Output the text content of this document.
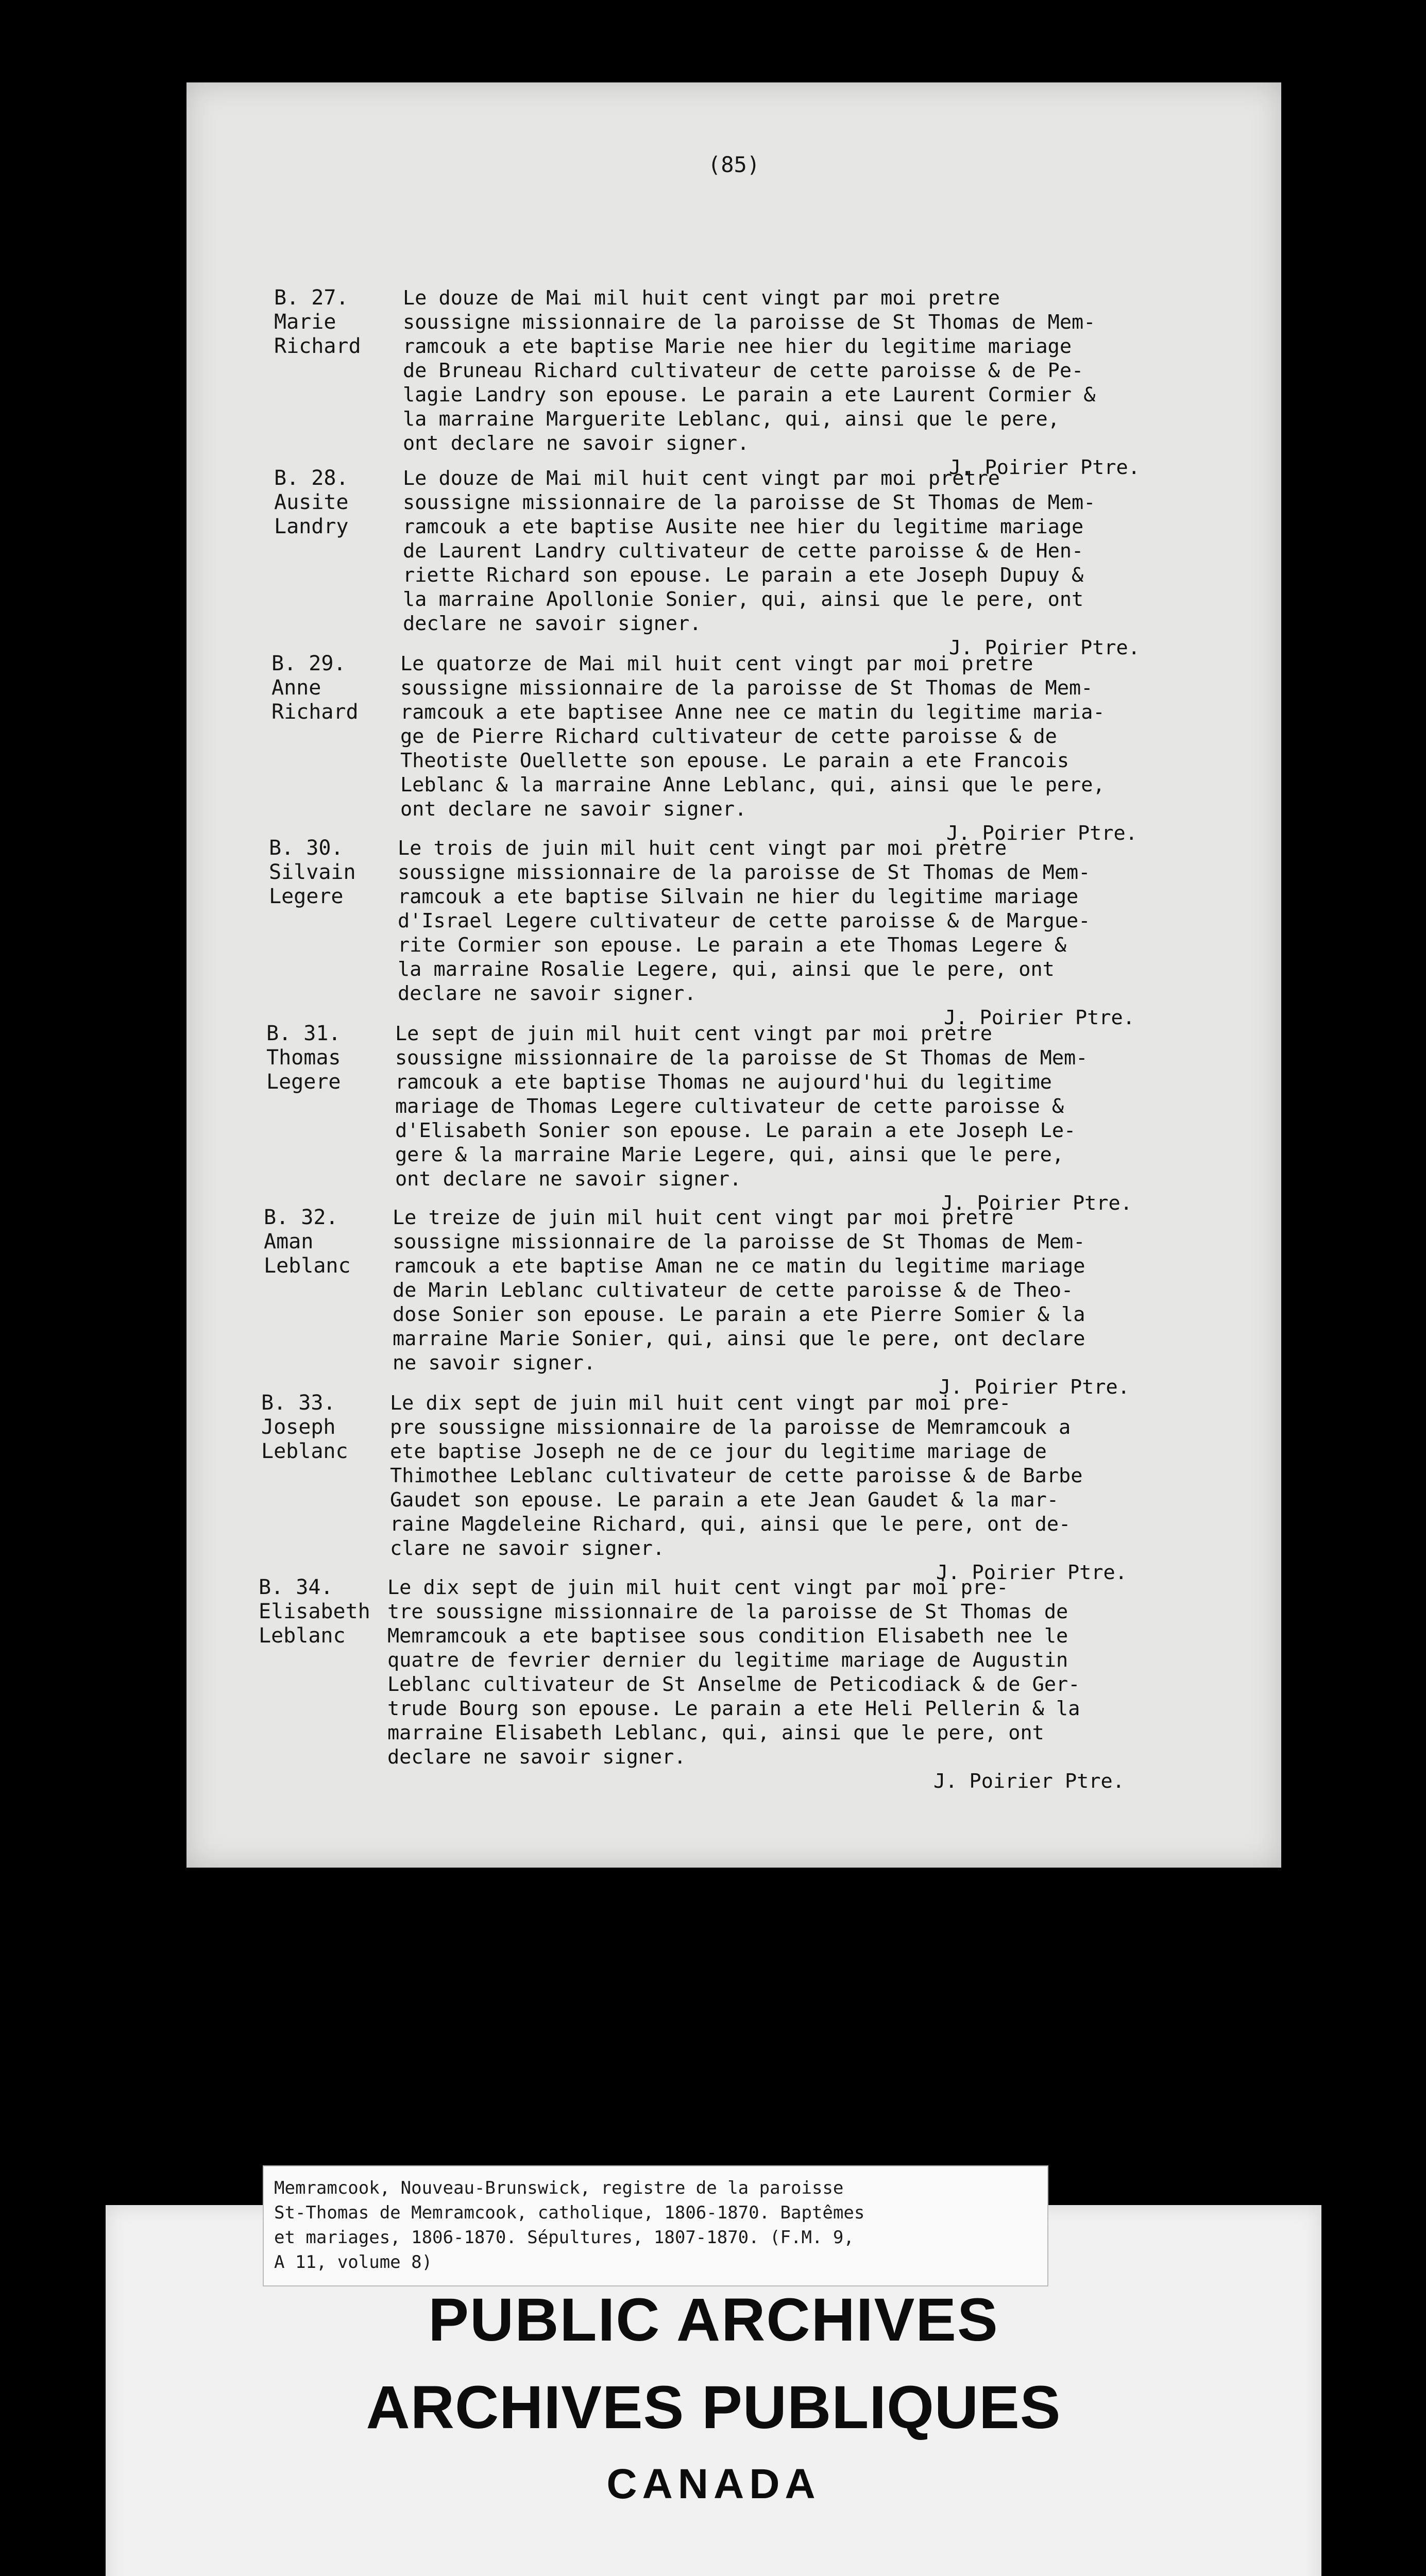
(85)
B. 27.
Marie
Richard
Le douze de Mai mil huit cent vingt par moi pretre
soussigne missionnaire de la paroisse de St Thomas de Mem-
ramcouk a ete baptise Marie nee hier du legitime mariage
de Bruneau Richard cultivateur de cette paroisse & de Pe-
lagie Landry son epouse. Le parain a ete Laurent Cormier &
la marraine Marguerite Leblanc, qui, ainsi que le pere,
ont declare ne savoir signer.
J. Poirier Ptre.
B. 28.
Ausite
Landry
Le douze de Mai mil huit cent vingt par moi pretre
soussigne missionnaire de la paroisse de St Thomas de Mem-
ramcouk a ete baptise Ausite nee hier du legitime mariage
de Laurent Landry cultivateur de cette paroisse & de Hen-
riette Richard son epouse. Le parain a ete Joseph Dupuy &
la marraine Apollonie Sonier, qui, ainsi que le pere, ont
declare ne savoir signer.
J. Poirier Ptre.
B. 29.
Anne
Richard
Le quatorze de Mai mil huit cent vingt par moi pretre
soussigne missionnaire de la paroisse de St Thomas de Mem-
ramcouk a ete baptisee Anne nee ce matin du legitime maria-
ge de Pierre Richard cultivateur de cette paroisse & de
Theotiste Ouellette son epouse. Le parain a ete Francois
Leblanc & la marraine Anne Leblanc, qui, ainsi que le pere,
ont declare ne savoir signer.
J. Poirier Ptre.
B. 30.
Silvain
Legere
Le trois de juin mil huit cent vingt par moi pretre
soussigne missionnaire de la paroisse de St Thomas de Mem-
ramcouk a ete baptise Silvain ne hier du legitime mariage
d'Israel Legere cultivateur de cette paroisse & de Margue-
rite Cormier son epouse. Le parain a ete Thomas Legere &
la marraine Rosalie Legere, qui, ainsi que le pere, ont
declare ne savoir signer.
J. Poirier Ptre.
B. 31.
Thomas
Legere
Le sept de juin mil huit cent vingt par moi pretre
soussigne missionnaire de la paroisse de St Thomas de Mem-
ramcouk a ete baptise Thomas ne aujourd'hui du legitime
mariage de Thomas Legere cultivateur de cette paroisse &
d'Elisabeth Sonier son epouse. Le parain a ete Joseph Le-
gere & la marraine Marie Legere, qui, ainsi que le pere,
ont declare ne savoir signer.
J. Poirier Ptre.
B. 32.
Aman
Leblanc
Le treize de juin mil huit cent vingt par moi pretre
soussigne missionnaire de la paroisse de St Thomas de Mem-
ramcouk a ete baptise Aman ne ce matin du legitime mariage
de Marin Leblanc cultivateur de cette paroisse & de Theo-
dose Sonier son epouse. Le parain a ete Pierre Somier & la
marraine Marie Sonier, qui, ainsi que le pere, ont declare
ne savoir signer.
J. Poirier Ptre.
B. 33.
Joseph
Leblanc
Le dix sept de juin mil huit cent vingt par moi pre-
pre soussigne missionnaire de la paroisse de Memramcouk a
ete baptise Joseph ne de ce jour du legitime mariage de
Thimothee Leblanc cultivateur de cette paroisse & de Barbe
Gaudet son epouse. Le parain a ete Jean Gaudet & la mar-
raine Magdeleine Richard, qui, ainsi que le pere, ont de-
clare ne savoir signer.
J. Poirier Ptre.
B. 34.
Elisabeth
Leblanc
Le dix sept de juin mil huit cent vingt par moi pre-
tre soussigne missionnaire de la paroisse de St Thomas de
Memramcouk a ete baptisee sous condition Elisabeth nee le
quatre de fevrier dernier du legitime mariage de Augustin
Leblanc cultivateur de St Anselme de Peticodiack & de Ger-
trude Bourg son epouse. Le parain a ete Heli Pellerin & la
marraine Elisabeth Leblanc, qui, ainsi que le pere, ont
declare ne savoir signer.
J. Poirier Ptre.
Memramcook, Nouveau-Brunswick, registre de la paroisse
St-Thomas de Memramcook, catholique, 1806-1870. Baptêmes
et mariages, 1806-1870. Sépultures, 1807-1870. (F.M. 9,
A 11, volume 8)
PUBLIC ARCHIVES
ARCHIVES PUBLIQUES
CANADA
